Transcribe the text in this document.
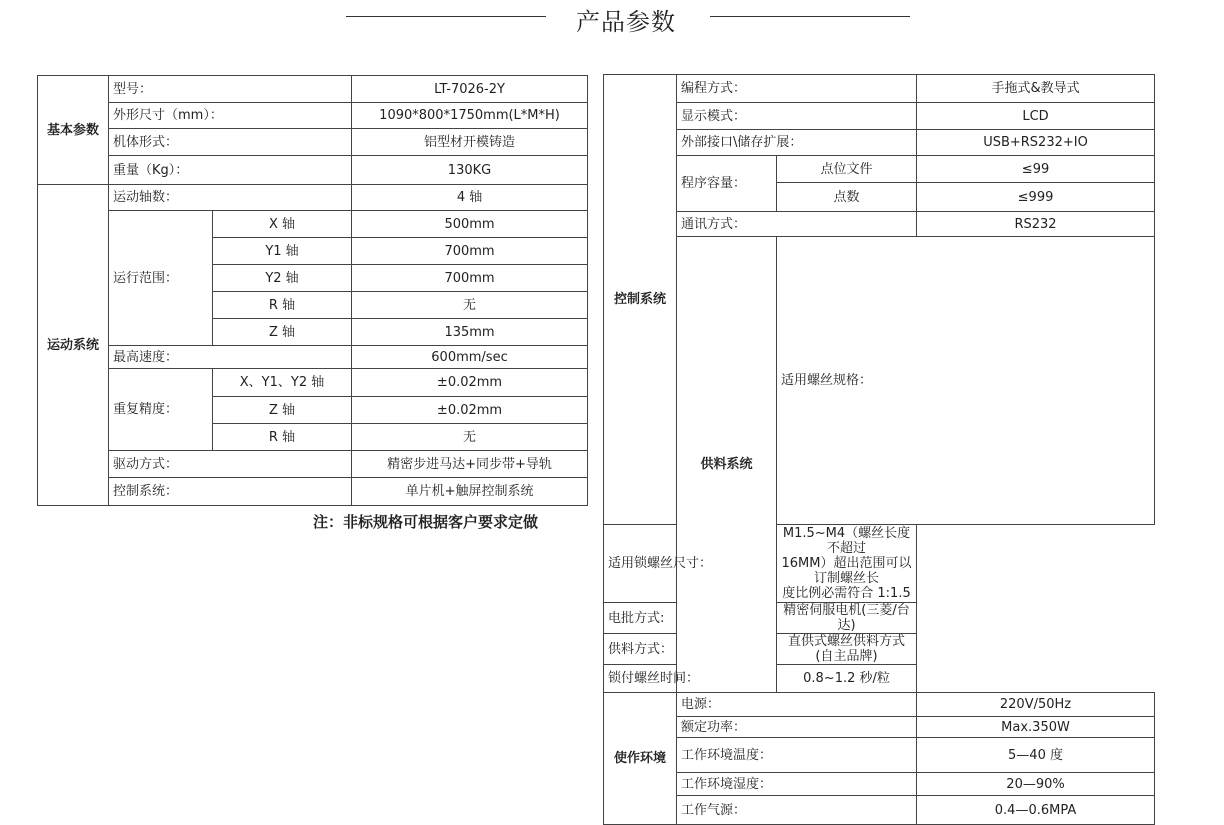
产品参数
基本参数	型号：		LT-7026-2Y
	外形尺寸（mm）：		1090*800*1750mm(L*M*H)
	机体形式：		铝型材开模铸造
	重量（Kg）：		130KG
运动系统	运动轴数：		4 轴
	运行范围：	X 轴	500mm
		Y1 轴	700mm
		Y2 轴	700mm
		R 轴	无
		Z 轴	135mm
	最高速度：		600mm/sec
	重复精度：	X、Y1、Y2 轴	±0.02mm
		Z 轴	±0.02mm
		R 轴	无
	驱动方式：		精密步进马达+同步带+导轨
	控制系统：		单片机+触屏控制系统
注：非标规格可根据客户要求定做
控制系统	编程方式：		手拖式&教导式	
	显示模式：		LCD	
	外部接口\储存扩展：		USB+RS232+IO	
	程序容量：	点位文件	≤99	
		点数	≤999	
	通讯方式：		RS232	
	供料系统	适用螺丝规格：	

适用锁螺丝尺寸：		M1.5~M4（螺丝长度不超过
16MM）超出范围可以订制螺丝长
度比例必需符合 1:1.5		

电批方式:		精密伺服电机(三菱/台达)		
供料方式：		直供式螺丝供料方式(自主品牌)		
锁付螺丝时间：		0.8~1.2 秒/粒		
使作环境	电源：		220V/50Hz	
	额定功率：		Max.350W	
	工作环境温度：		5—40 度	
	工作环境湿度：		20—90%	
	工作气源：		0.4—0.6MPA	
